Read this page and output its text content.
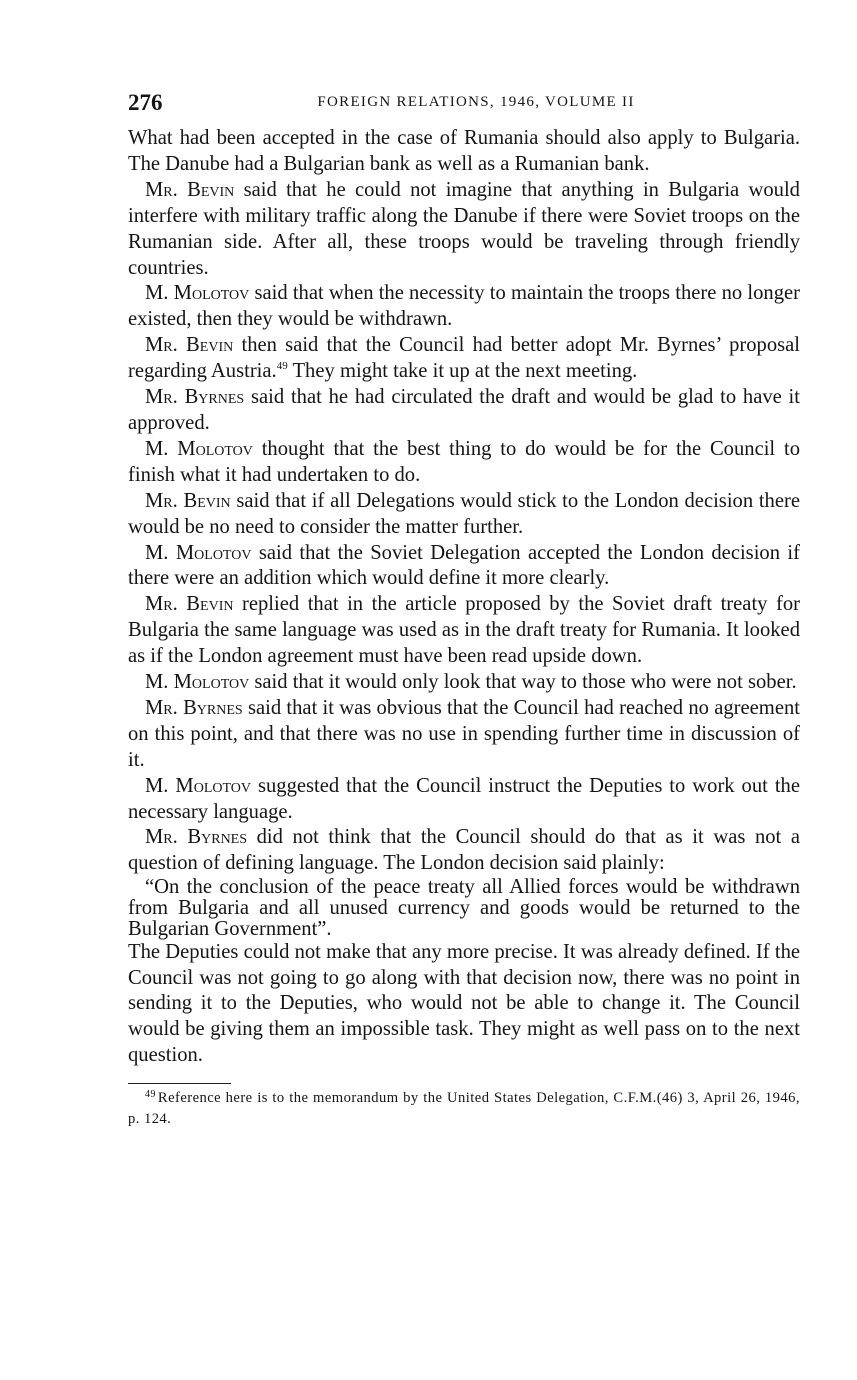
276	FOREIGN RELATIONS, 1946, VOLUME II

What had been accepted in the case of Rumania should also apply to Bulgaria. The Danube had a Bulgarian bank as well as a Rumanian bank.

Mr. Bevin said that he could not imagine that anything in Bulgaria would interfere with military traffic along the Danube if there were Soviet troops on the Rumanian side. After all, these troops would be traveling through friendly countries.

M. Molotov said that when the necessity to maintain the troops there no longer existed, then they would be withdrawn.

Mr. Bevin then said that the Council had better adopt Mr. Byrnes’ proposal regarding Austria.$^{49}$ They might take it up at the next meeting.

Mr. Byrnes said that he had circulated the draft and would be glad to have it approved.

M. Molotov thought that the best thing to do would be for the Council to finish what it had undertaken to do.

Mr. Bevin said that if all Delegations would stick to the London decision there would be no need to consider the matter further.

M. Molotov said that the Soviet Delegation accepted the London decision if there were an addition which would define it more clearly.

Mr. Bevin replied that in the article proposed by the Soviet draft treaty for Bulgaria the same language was used as in the draft treaty for Rumania. It looked as if the London agreement must have been read upside down.

M. Molotov said that it would only look that way to those who were not sober.

Mr. Byrnes said that it was obvious that the Council had reached no agreement on this point, and that there was no use in spending further time in discussion of it.

M. Molotov suggested that the Council instruct the Deputies to work out the necessary language.

Mr. Byrnes did not think that the Council should do that as it was not a question of defining language. The London decision said plainly:

“On the conclusion of the peace treaty all Allied forces would be withdrawn from Bulgaria and all unused currency and goods would be returned to the Bulgarian Government”.

The Deputies could not make that any more precise. It was already defined. If the Council was not going to go along with that decision now, there was no point in sending it to the Deputies, who would not be able to change it. The Council would be giving them an impossible task. They might as well pass on to the next question.

$^{49}$ Reference here is to the memorandum by the United States Delegation, C.F.M.(46) 3, April 26, 1946, p. 124.
